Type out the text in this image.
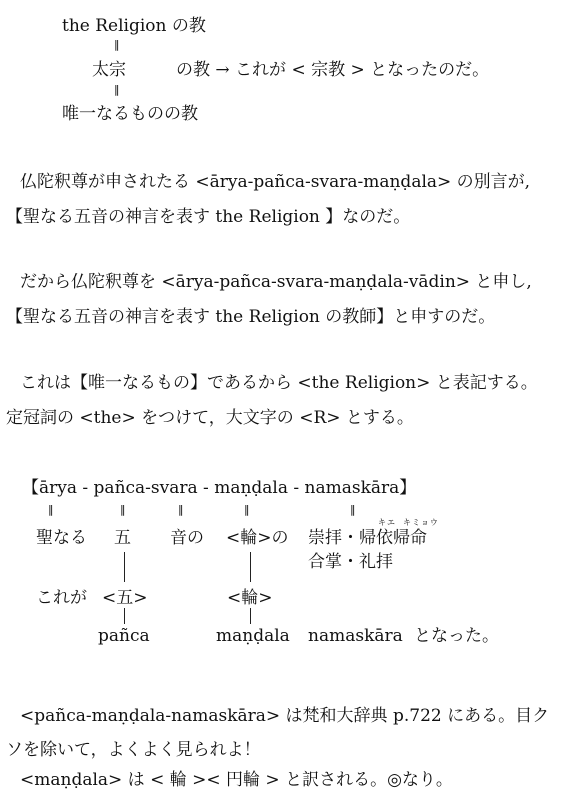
the Religion の教
‖
太宗	の教 → これが < 宗教 > となったのだ。
‖
唯一なるものの教
仏陀釈尊が申されたる <ārya-pañca-svara-maṇḍala> の別言が,
【聖なる五音の神言を表す the Religion 】なのだ。
だから仏陀釈尊を <ārya-pañca-svara-maṇḍala-vādin> と申し,
【聖なる五音の神言を表す the Religion の教師】と申すのだ。
これは【唯一なるもの】であるから <the Religion> と表記する。
定冠詞の <the> をつけて，大文字の <R> とする。
【ārya - pañca-svara - maṇḍala - namaskāra】
‖	‖	‖	‖	‖
キエ キミョウ
聖なる 五 音の <輪>の 崇拝・帰依帰命
合掌・礼拝
これが <五>	<輪>
pañca	maṇḍala namaskāra となった。
<pañca-maṇḍala-namaskāra> は梵和大辞典 p.722 にある。目ク
ソを除いて，よくよく見られよ！
<maṇḍala> は < 輪 >< 円輪 > と訳される。◎なり。
